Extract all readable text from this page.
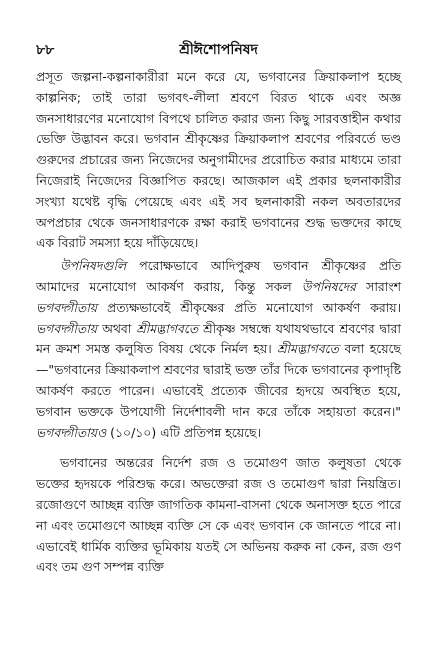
৮৮	শ্রীঈশোপনিষদ

প্রসূত জল্পনা-কল্পনাকারীরা মনে করে যে, ভগবানের ক্রিয়াকলাপ হচ্ছে কাল্পনিক; তাই তারা ভগবৎ-লীলা শ্রবণে বিরত থাকে এবং অজ্ঞ জনসাধারণের মনোযোগ বিপথে চালিত করার জন্য কিছু সারবত্তাহীন কথার ভেক্তি উদ্ভাবন করে। ভগবান শ্রীকৃষ্ণের ক্রিয়াকলাপ শ্রবণের পরিবর্তে ভণ্ড গুরুদের প্রচারের জন্য নিজেদের অনুগামীদের প্ররোচিত করার মাধ্যমে তারা নিজেরাই নিজেদের বিজ্ঞাপিত করছে। আজকাল এই প্রকার ছলনাকারীর সংখ্যা যথেষ্ট বৃদ্ধি পেয়েছে এবং এই সব ছলনাকারী নকল অবতারদের অপপ্রচার থেকে জনসাধারণকে রক্ষা করাই ভগবানের শুদ্ধ ভক্তদের কাছে এক বিরাট সমস্যা হয়ে দাঁড়িয়েছে।

উপনিষদগুলি পরোক্ষভাবে আদিপুরুষ ভগবান শ্রীকৃষ্ণের প্রতি আমাদের মনোযোগ আকর্ষণ করায়, কিন্তু সকল উপনিষদের সারাংশ ভগবদ্গীতায় প্রত্যক্ষভাবেই শ্রীকৃষ্ণের প্রতি মনোযোগ আকর্ষণ করায়। ভগবদ্গীতায় অথবা শ্রীমদ্ভাগবতে শ্রীকৃষ্ণ সম্বন্ধে যথাযথভাবে শ্রবণের দ্বারা মন ক্রমশ সমস্ত কলুষিত বিষয় থেকে নির্মল হয়। শ্রীমদ্ভাগবতে বলা হয়েছে—"ভগবানের ক্রিয়াকলাপ শ্রবণের দ্বারাই ভক্ত তাঁর দিকে ভগবানের কৃপাদৃষ্টি আকর্ষণ করতে পারেন। এভাবেই প্রত্যেক জীবের হৃদয়ে অবস্থিত হয়ে, ভগবান ভক্তকে উপযোগী নির্দেশাবলী দান করে তাঁকে সহায়তা করেন।" ভগবদ্গীতায়ও (১০/১০) এটি প্রতিপন্ন হয়েছে।

ভগবানের অন্তরের নির্দেশ রজ ও তমোগুণ জাত কলুষতা থেকে ভক্তের হৃদয়কে পরিশুদ্ধ করে। অভক্তেরা রজ ও তমোগুণ দ্বারা নিয়ন্ত্রিত। রজোগুণে আচ্ছন্ন ব্যক্তি জাগতিক কামনা-বাসনা থেকে অনাসক্ত হতে পারে না এবং তমোগুণে আচ্ছন্ন ব্যক্তি সে কে এবং ভগবান কে জানতে পারে না। এভাবেই ধার্মিক ব্যক্তির ভূমিকায় যতই সে অভিনয় করুক না কেন, রজ গুণ এবং তম গুণ সম্পন্ন ব্যক্তি
